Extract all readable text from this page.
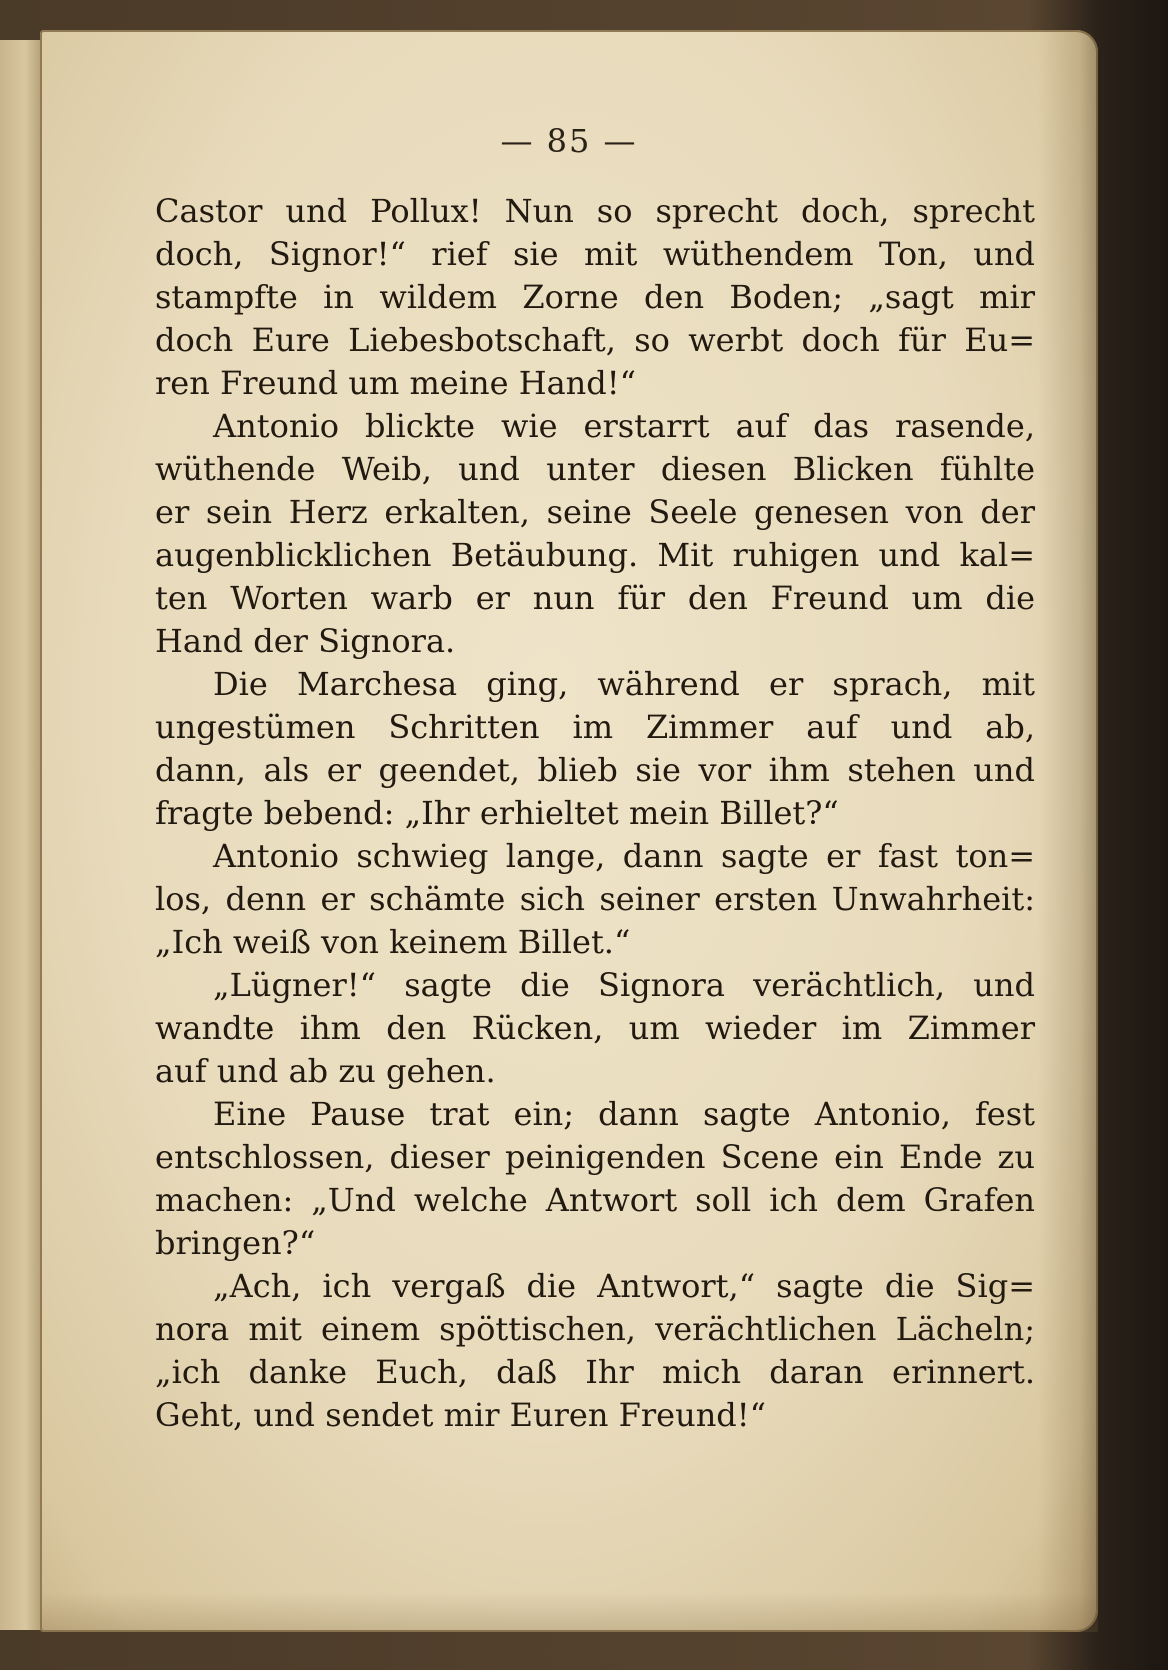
— 85 —

Castor und Pollux! Nun so sprecht doch, sprecht
doch, Signor!“ rief sie mit wüthendem Ton, und
stampfte in wildem Zorne den Boden; „sagt mir
doch Eure Liebesbotschaft, so werbt doch für Eu=
ren Freund um meine Hand!“

Antonio blickte wie erstarrt auf das rasende,
wüthende Weib, und unter diesen Blicken fühlte
er sein Herz erkalten, seine Seele genesen von der
augenblicklichen Betäubung. Mit ruhigen und kal=
ten Worten warb er nun für den Freund um die
Hand der Signora.

Die Marchesa ging, während er sprach, mit
ungestümen Schritten im Zimmer auf und ab,
dann, als er geendet, blieb sie vor ihm stehen und
fragte bebend: „Ihr erhieltet mein Billet?“

Antonio schwieg lange, dann sagte er fast ton=
los, denn er schämte sich seiner ersten Unwahrheit:
„Ich weiß von keinem Billet.“

„Lügner!“ sagte die Signora verächtlich, und
wandte ihm den Rücken, um wieder im Zimmer
auf und ab zu gehen.

Eine Pause trat ein; dann sagte Antonio, fest
entschlossen, dieser peinigenden Scene ein Ende zu
machen: „Und welche Antwort soll ich dem Grafen
bringen?“

„Ach, ich vergaß die Antwort,“ sagte die Sig=
nora mit einem spöttischen, verächtlichen Lächeln;
„ich danke Euch, daß Ihr mich daran erinnert.
Geht, und sendet mir Euren Freund!“
